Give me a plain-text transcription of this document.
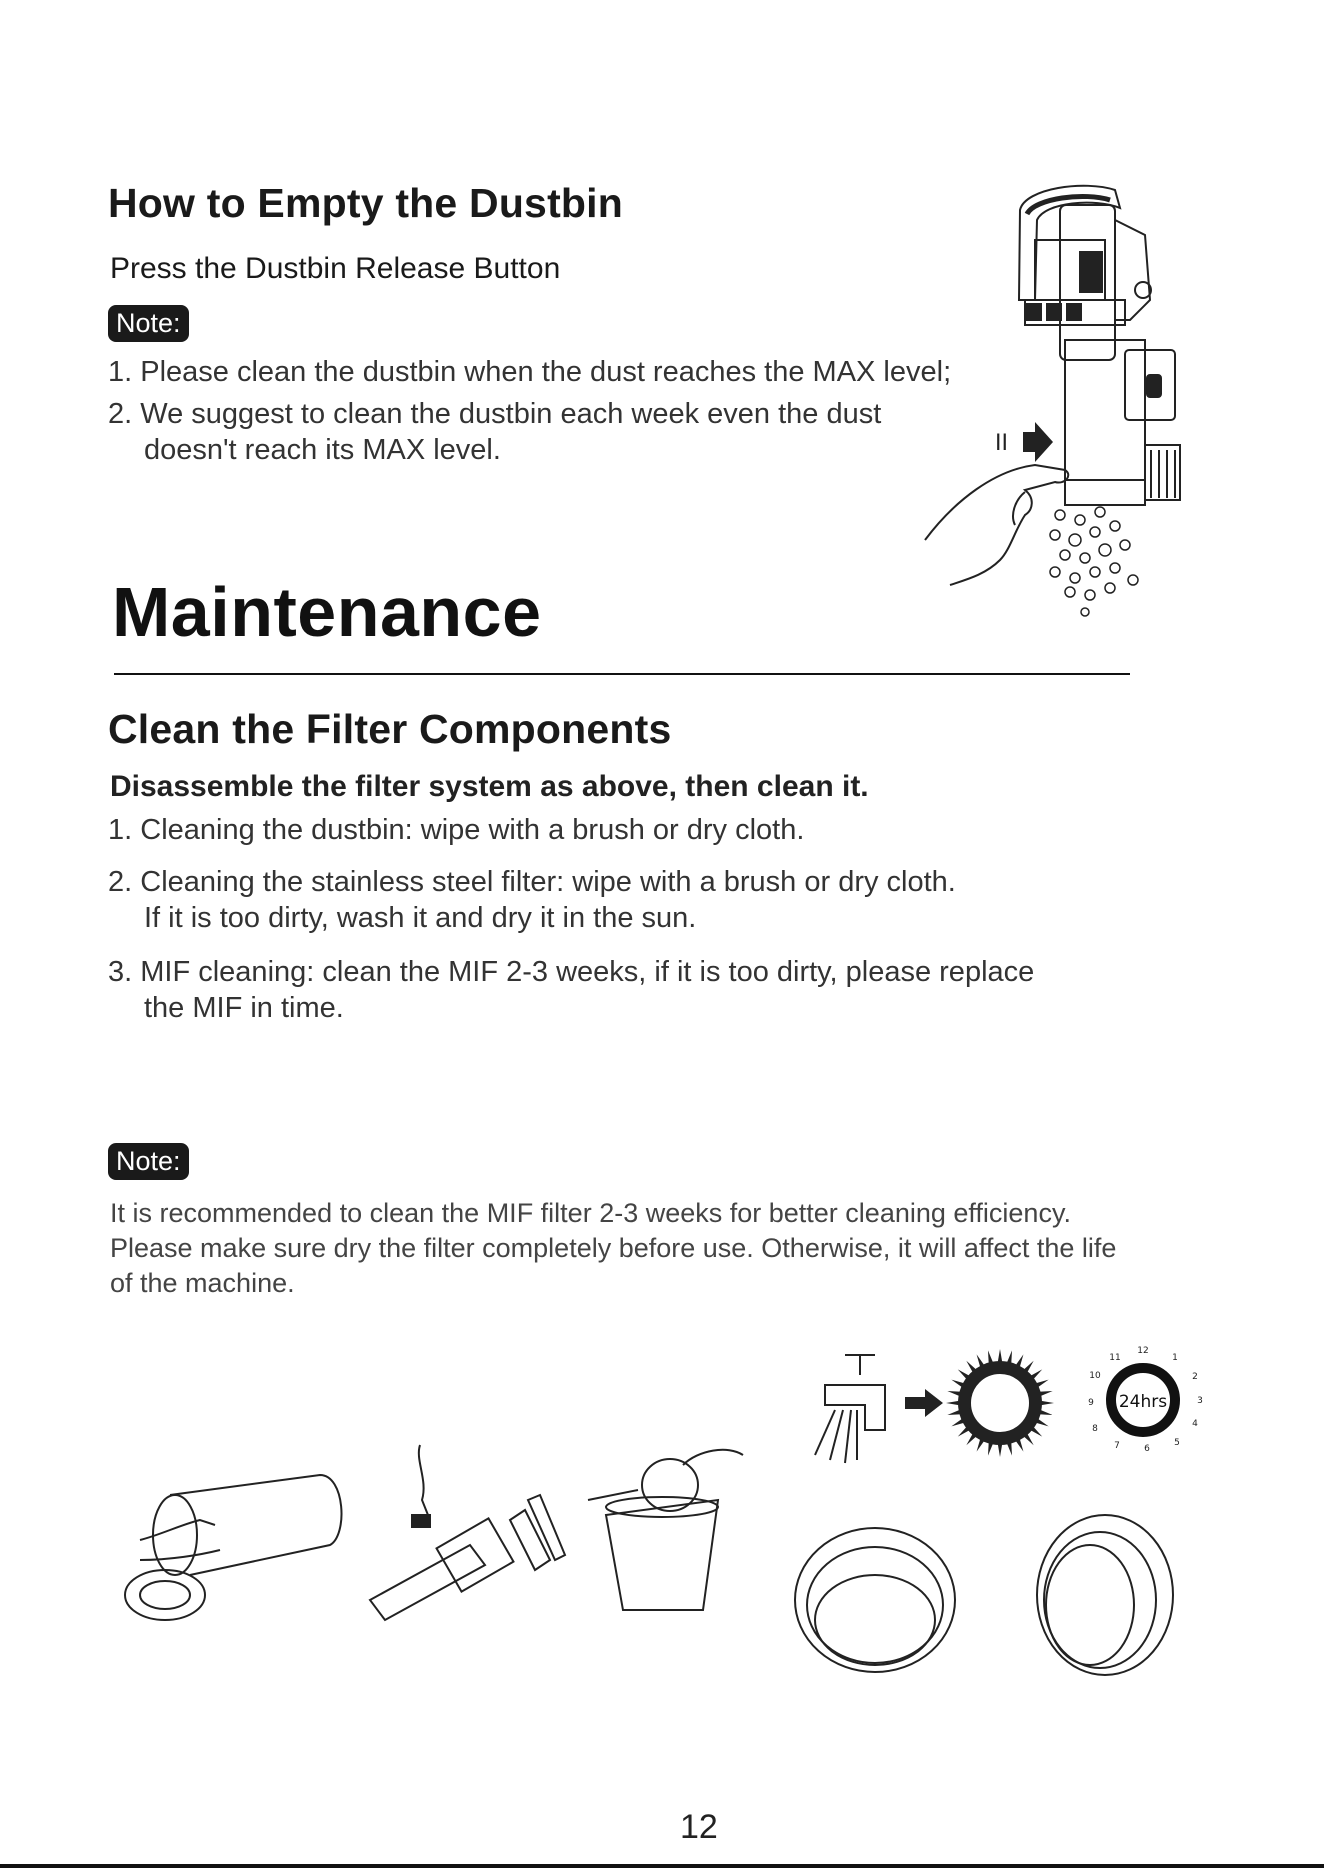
How to Empty the Dustbin
Press the Dustbin Release Button
Note:
1. Please clean the dustbin when the dust reaches the MAX level;
2. We suggest to clean the dustbin each week even the dust
doesn't reach its MAX level.	II
Maintenance
Clean the Filter Components
Disassemble the filter system as above, then clean it.
1. Cleaning the dustbin: wipe with a brush or dry cloth.
2. Cleaning the stainless steel filter: wipe with a brush or dry cloth.
If it is too dirty, wash it and dry it in the sun.
3. MIF cleaning: clean the MIF 2-3 weeks, if it is too dirty, please replace
the MIF in time.
Note:
It is recommended to clean the MIF filter 2-3 weeks for better cleaning efficiency.
Please make sure dry the filter completely before use. Otherwise, it will affect the life
of the machine.
24hrs
12
1
2
3
4
5
6
7
8
9
10
11
12
